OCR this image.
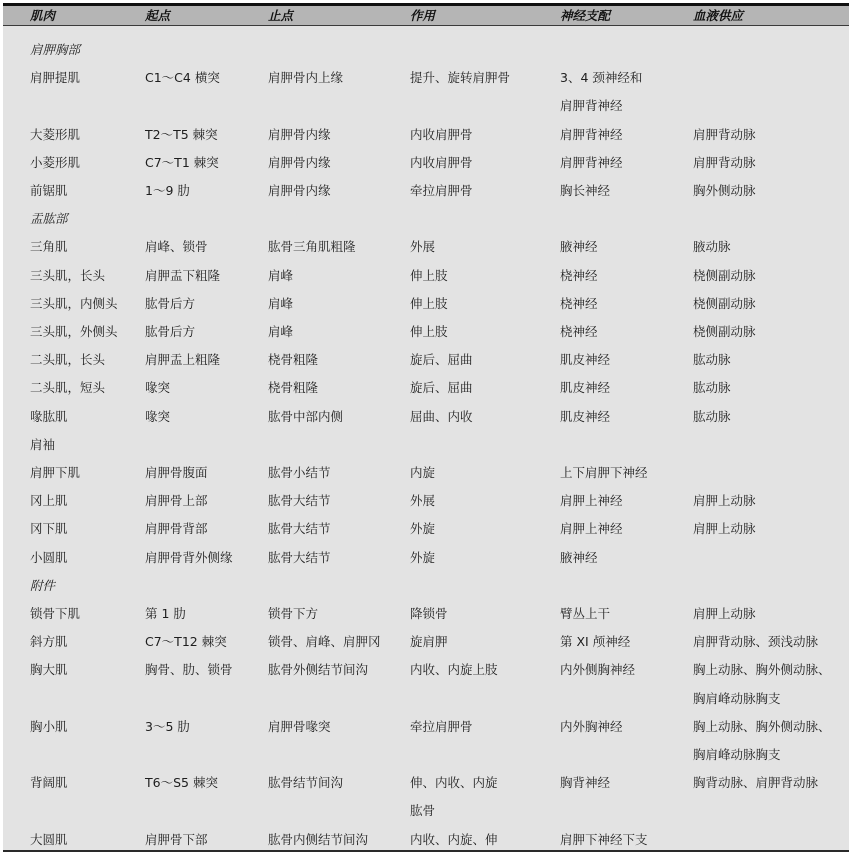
肌肉	起点	止点	作用	神经支配	血液供应
肩胛胸部
肩胛提肌	C1～C4 横突	肩胛骨内上缘	提升、旋转肩胛骨	3、4 颈神经和
肩胛背神经
大菱形肌	T2～T5 棘突	肩胛骨内缘	内收肩胛骨	肩胛背神经	肩胛背动脉
小菱形肌	C7～T1 棘突	肩胛骨内缘	内收肩胛骨	肩胛背神经	肩胛背动脉
前锯肌	1～9 肋	肩胛骨内缘	牵拉肩胛骨	胸长神经	胸外侧动脉
盂肱部
三角肌	肩峰、锁骨	肱骨三角肌粗隆	外展	腋神经	腋动脉
三头肌，长头	肩胛盂下粗隆	肩峰	伸上肢	桡神经	桡侧副动脉
三头肌，内侧头 肱骨后方	肩峰	伸上肢	桡神经	桡侧副动脉
三头肌，外侧头 肱骨后方	肩峰	伸上肢	桡神经	桡侧副动脉
二头肌，长头	肩胛盂上粗隆	桡骨粗隆	旋后、屈曲	肌皮神经	肱动脉
二头肌，短头	喙突	桡骨粗隆	旋后、屈曲	肌皮神经	肱动脉
喙肱肌	喙突	肱骨中部内侧	屈曲、内收	肌皮神经	肱动脉
肩袖
肩胛下肌	肩胛骨腹面	肱骨小结节	内旋	上下肩胛下神经
冈上肌	肩胛骨上部	肱骨大结节	外展	肩胛上神经	肩胛上动脉
冈下肌	肩胛骨背部	肱骨大结节	外旋	肩胛上神经	肩胛上动脉
小圆肌	肩胛骨背外侧缘	肱骨大结节	外旋	腋神经
附件
锁骨下肌	第 1 肋	锁骨下方	降锁骨	臂丛上干	肩胛上动脉
斜方肌	C7～T12 棘突	锁骨、肩峰、肩胛冈 旋肩胛	第 XI 颅神经	肩胛背动脉、颈浅动脉
胸大肌	胸骨、肋、锁骨	肱骨外侧结节间沟	内收、内旋上肢	内外侧胸神经	胸上动脉、胸外侧动脉、
胸肩峰动脉胸支
胸小肌	3～5 肋	肩胛骨喙突	牵拉肩胛骨	内外胸神经	胸上动脉、胸外侧动脉、
胸肩峰动脉胸支
背阔肌	T6～S5 棘突	肱骨结节间沟	伸、内收、内旋	胸背神经	胸背动脉、肩胛背动脉
肱骨
大圆肌	肩胛骨下部	肱骨内侧结节间沟	内收、内旋、伸	肩胛下神经下支
